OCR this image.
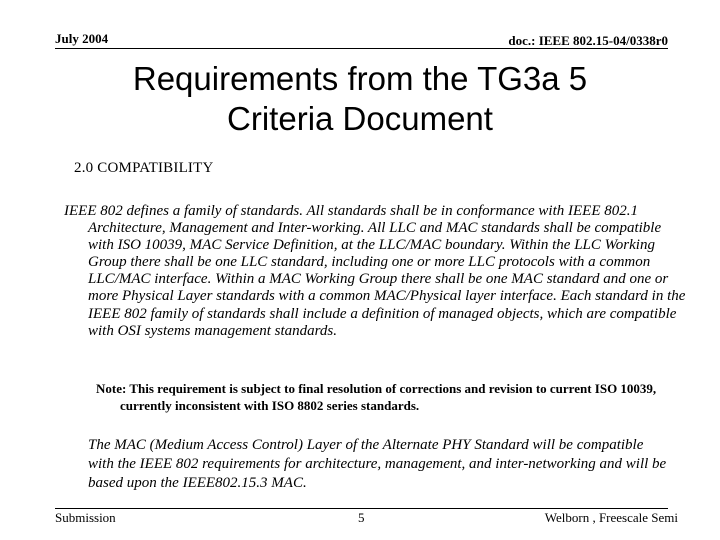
July 2004	doc.: IEEE 802.15-04/0338r0
Requirements from the TG3a 5
Criteria Document
2.0 COMPATIBILITY
IEEE 802 defines a family of standards. All standards shall be in conformance with IEEE 802.1 Architecture, Management and Inter-working. All LLC and MAC standards shall be compatible with ISO 10039, MAC Service Definition, at the LLC/MAC boundary. Within the LLC Working Group there shall be one LLC standard, including one or more LLC protocols with a common LLC/MAC interface. Within a MAC Working Group there shall be one MAC standard and one or more Physical Layer standards with a common MAC/Physical layer interface. Each standard in the IEEE 802 family of standards shall include a definition of managed objects, which are compatible with OSI systems management standards.
Note: This requirement is subject to final resolution of corrections and revision to current ISO 10039, currently inconsistent with ISO 8802 series standards.
The MAC (Medium Access Control) Layer of the Alternate PHY Standard will be compatible with the IEEE 802 requirements for architecture, management, and inter-networking and will be based upon the IEEE802.15.3 MAC.
Submission	5	Welborn , Freescale Semi
